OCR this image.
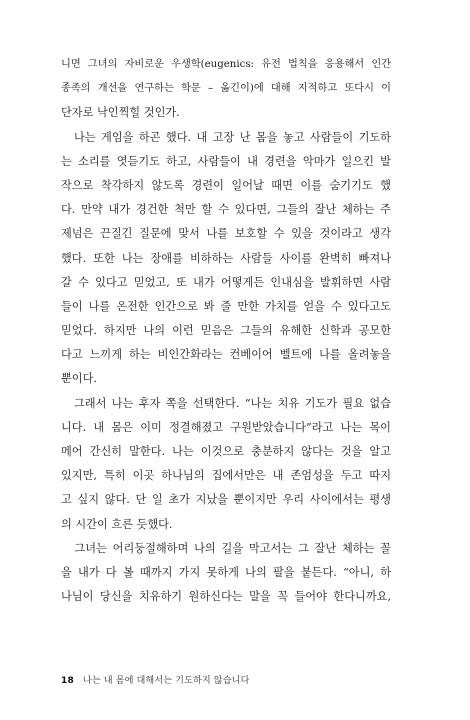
니면 그녀의 자비로운 우생학(eugenics: 유전 법칙을 응용해서 인간
종족의 개선을 연구하는 학문 – 옮긴이)에 대해 지적하고 또다시 이
단자로 낙인찍힐 것인가.
　나는 게임을 하곤 했다. 내 고장 난 몸을 놓고 사람들이 기도하
는 소리를 엿듣기도 하고, 사람들이 내 경련을 악마가 일으킨 발
작으로 착각하지 않도록 경련이 일어날 때면 이를 숨기기도 했
다. 만약 내가 경건한 척만 할 수 있다면, 그들의 잘난 체하는 주
제넘은 끈질긴 질문에 맞서 나를 보호할 수 있을 것이라고 생각
했다. 또한 나는 장애를 비하하는 사람들 사이를 완벽히 빠져나
갈 수 있다고 믿었고, 또 내가 어떻게든 인내심을 발휘하면 사람
들이 나를 온전한 인간으로 봐 줄 만한 가치를 얻을 수 있다고도
믿었다. 하지만 나의 이런 믿음은 그들의 유해한 신학과 공모한
다고 느끼게 하는 비인간화라는 컨베이어 벨트에 나를 올려놓을
뿐이다.
　그래서 나는 후자 쪽을 선택한다. “나는 치유 기도가 필요 없습
니다. 내 몸은 이미 정결해졌고 구원받았습니다”라고 나는 목이
메어 간신히 말한다. 나는 이것으로 충분하지 않다는 것을 알고
있지만, 특히 이곳 하나님의 집에서만은 내 존엄성을 두고 따지
고 싶지 않다. 단 일 초가 지났을 뿐이지만 우리 사이에서는 평생
의 시간이 흐른 듯했다.
　그녀는 어리둥절해하며 나의 길을 막고서는 그 잘난 체하는 꼴
을 내가 다 볼 때까지 가지 못하게 나의 팔을 붙든다. “아니, 하
나님이 당신을 치유하기 원하신다는 말을 꼭 들어야 한다니까요,
18 나는 내 몸에 대해서는 기도하지 않습니다
